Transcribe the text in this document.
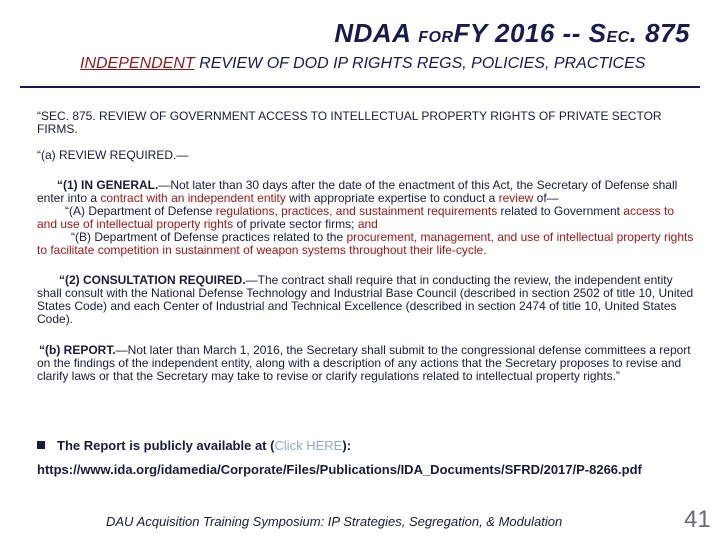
NDAA FORFY 2016 -- SEC. 875
INDEPENDENT REVIEW OF DOD IP RIGHTS REGS, POLICIES, PRACTICES

“SEC. 875. REVIEW OF GOVERNMENT ACCESS TO INTELLECTUAL PROPERTY RIGHTS OF PRIVATE SECTOR FIRMS.

“(a) REVIEW REQUIRED.—

“(1) IN GENERAL.—Not later than 30 days after the date of the enactment of this Act, the Secretary of Defense shall enter into a contract with an independent entity with appropriate expertise to conduct a review of—

“(A) Department of Defense regulations, practices, and sustainment requirements related to Government access to and use of intellectual property rights of private sector firms; and

“(B) Department of Defense practices related to the procurement, management, and use of intellectual property rights to facilitate competition in sustainment of weapon systems throughout their life-cycle.

“(2) CONSULTATION REQUIRED.—The contract shall require that in conducting the review, the independent entity shall consult with the National Defense Technology and Industrial Base Council (described in section 2502 of title 10, United States Code) and each Center of Industrial and Technical Excellence (described in section 2474 of title 10, United States Code).

“(b) REPORT.—Not later than March 1, 2016, the Secretary shall submit to the congressional defense committees a report on the findings of the independent entity, along with a description of any actions that the Secretary proposes to revise and clarify laws or that the Secretary may take to revise or clarify regulations related to intellectual property rights.”

The Report is publicly available at (Click HERE):
https://www.ida.org/idamedia/Corporate/Files/Publications/IDA_Documents/SFRD/2017/P-8266.pdf
DAU Acquisition Training Symposium: IP Strategies, Segregation, & Modulation	41
